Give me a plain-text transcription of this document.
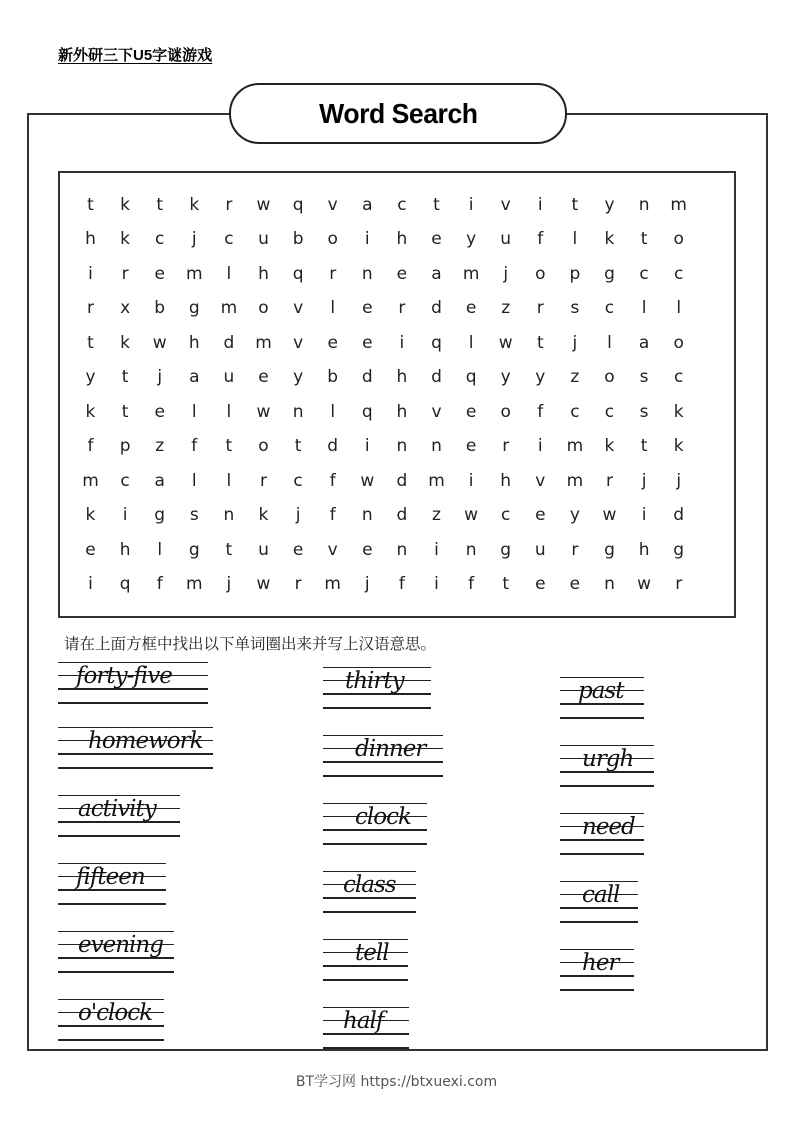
新外研三下U5字谜游戏
Word Search
t	k	t	k	r	w	q	v	a	c	t	i	v	i	t	y	n	m
h	k	c	j	c	u	b	o	i	h	e	y	u	f	l	k	t	o
i	r	e	m	l	h	q	r	n	e	a	m	j	o	p	g	c	c
r	x	b	g	m	o	v	l	e	r	d	e	z	r	s	c	l	l
t	k	w	h	d	m	v	e	e	i	q	l	w	t	j	l	a	o
y	t	j	a	u	e	y	b	d	h	d	q	y	y	z	o	s	c
k	t	e	l	l	w	n	l	q	h	v	e	o	f	c	c	s	k
f	p	z	f	t	o	t	d	i	n	n	e	r	i	m	k	t	k
m	c	a	l	l	r	c	f	w	d	m	i	h	v	m	r	j	j
k	i	g	s	n	k	j	f	n	d	z	w	c	e	y	w	i	d
e	h	l	g	t	u	e	v	e	n	i	n	g	u	r	g	h	g
i	q	f	m	j	w	r	m	j	f	i	f	t	e	e	n	w	r
请在上面方框中找出以下单词圈出来并写上汉语意思。
forty-five
homework
activity
fifteen
evening
o'clock
thirty
dinner
clock
class
tell
half
past
urgh
need
call
her
BT学习网 https://btxuexi.com
